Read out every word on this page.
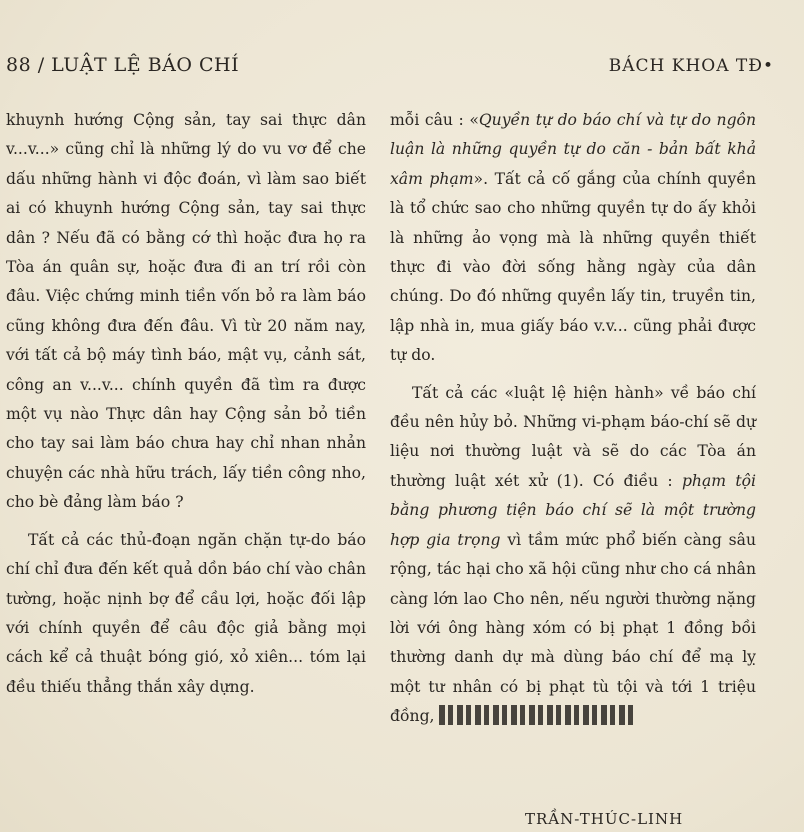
88 / LUẬT LỆ BÁO CHÍ	BÁCH KHOA TĐ•

khuynh hướng Cộng sản, tay sai thực dân v...v...» cũng chỉ là những lý do vu vơ để che dấu những hành vi độc đoán, vì làm sao biết ai có khuynh hướng Cộng sản, tay sai thực dân ? Nếu đã có bằng cớ thì hoặc đưa họ ra Tòa án quân sự, hoặc đưa đi an trí rồi còn đâu. Việc chứng minh tiền vốn bỏ ra làm báo cũng không đưa đến đâu. Vì từ 20 năm nay, với tất cả bộ máy tình báo, mật vụ, cảnh sát, công an v...v... chính quyền đã tìm ra được một vụ nào Thực dân hay Cộng sản bỏ tiền cho tay sai làm báo chưa hay chỉ nhan nhản chuyện các nhà hữu trách, lấy tiền công nho, cho bè đảng làm báo ?

Tất cả các thủ-đoạn ngăn chặn tự-do báo chí chỉ đưa đến kết quả dồn báo chí vào chân tường, hoặc nịnh bợ để cầu lợi, hoặc đối lập với chính quyền để câu độc giả bằng mọi cách kể cả thuật bóng gió, xỏ xiên... tóm lại đều thiếu thẳng thắn xây dựng.

mỗi câu : «Quyền tự do báo chí và tự do ngôn luận là những quyền tự do căn - bản bất khả xâm phạm». Tất cả cố gắng của chính quyền là tổ chức sao cho những quyền tự do ấy khỏi là những ảo vọng mà là những quyền thiết thực đi vào đời sống hằng ngày của dân chúng. Do đó những quyền lấy tin, truyền tin, lập nhà in, mua giấy báo v.v... cũng phải được tự do.

Tất cả các «luật lệ hiện hành» về báo chí đều nên hủy bỏ. Những vi-phạm báo-chí sẽ dự liệu nơi thường luật và sẽ do các Tòa án thường luật xét xử (1). Có điều : phạm tội bằng phương tiện báo chí sẽ là một trường hợp gia trọng vì tầm mức phổ biến càng sâu rộng, tác hại cho xã hội cũng như cho cá nhân càng lớn lao Cho nên, nếu người thường nặng lời với ông hàng xóm có bị phạt 1 đồng bồi thường danh dự mà dùng báo chí để mạ lỵ một tư nhân có bị phạt tù tội và tới 1 triệu đồng,

TRẦN-THÚC-LINH
